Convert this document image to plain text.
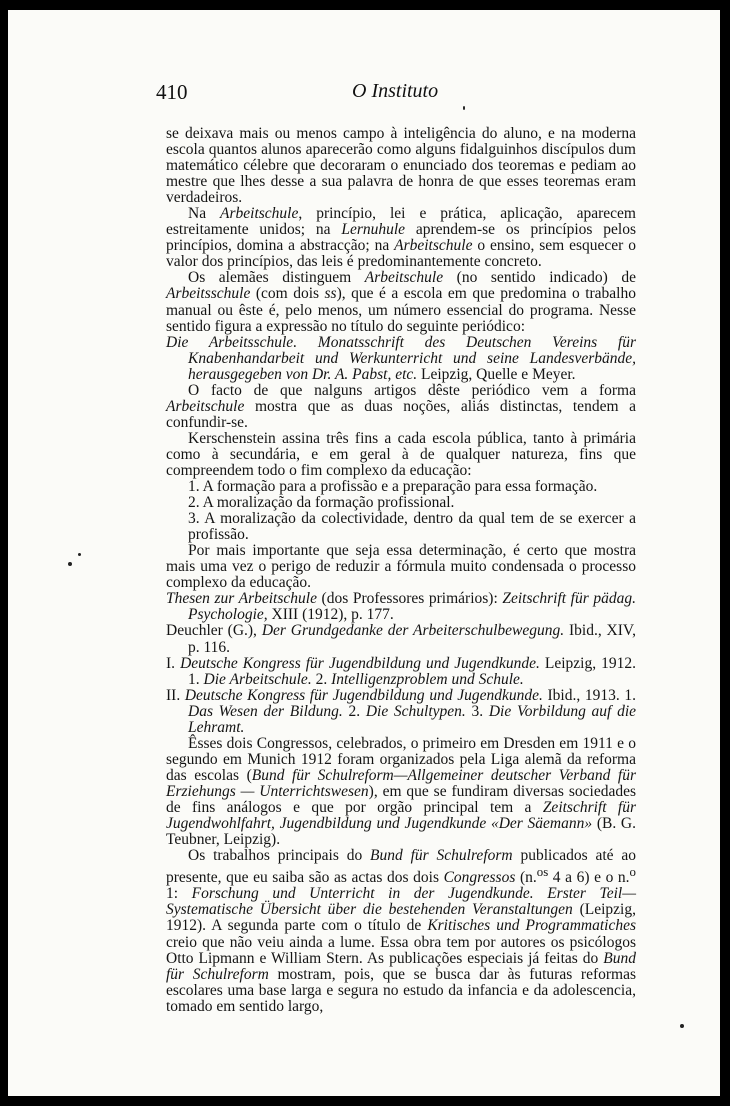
410	O Instituto

se deixava mais ou menos campo à inteligência do aluno, e na moderna escola quantos alunos aparecerão como alguns fidalguinhos discípulos dum matemático célebre que decoraram o enunciado dos teoremas e pediam ao mestre que lhes desse a sua palavra de honra de que esses teoremas eram verdadeiros.

Na Arbeitschule, princípio, lei e prática, aplicação, aparecem estreitamente unidos; na Lernuhule aprendem-se os princípios pelos princípios, domina a abstracção; na Arbeitschule o ensino, sem esquecer o valor dos princípios, das leis é predominantemente concreto.

Os alemães distinguem Arbeitschule (no sentido indicado) de Arbeitsschule (com dois ss), que é a escola em que predomina o trabalho manual ou êste é, pelo menos, um número essencial do programa. Nesse sentido figura a expressão no título do seguinte periódico:

Die Arbeitsschule. Monatsschrift des Deutschen Vereins für Knabenhandarbeit und Werkunterricht und seine Landesverbände, herausgegeben von Dr. A. Pabst, etc. Leipzig, Quelle e Meyer.

O facto de que nalguns artigos dêste periódico vem a forma Arbeitschule mostra que as duas noções, aliás distinctas, tendem a confundir-se.

Kerschenstein assina três fins a cada escola pública, tanto à primária como à secundária, e em geral à de qualquer natureza, fins que compreendem todo o fim complexo da educação:

1. A formação para a profissão e a preparação para essa formação.

2. A moralização da formação profissional.

3. A moralização da colectividade, dentro da qual tem de se exercer a profissão.

Por mais importante que seja essa determinação, é certo que mostra mais uma vez o perigo de reduzir a fórmula muito condensada o processo complexo da educação.

Thesen zur Arbeitschule (dos Professores primários): Zeitschrift für pädag. Psychologie, XIII (1912), p. 177.

Deuchler (G.), Der Grundgedanke der Arbeiterschulbewegung. Ibid., XIV, p. 116.

I. Deutsche Kongress für Jugendbildung und Jugendkunde. Leipzig, 1912. 1. Die Arbeitschule. 2. Intelligenzproblem und Schule.

II. Deutsche Kongress für Jugendbildung und Jugendkunde. Ibid., 1913. 1. Das Wesen der Bildung. 2. Die Schultypen. 3. Die Vorbildung auf die Lehramt.

Êsses dois Congressos, celebrados, o primeiro em Dresden em 1911 e o segundo em Munich 1912 foram organizados pela Liga alemã da reforma das escolas (Bund für Schulreform—Allgemeiner deutscher Verband für Erziehungs — Unterrichtswesen), em que se fundiram diversas sociedades de fins análogos e que por orgão principal tem a Zeitschrift für Jugendwohlfahrt, Jugendbildung und Jugendkunde «Der Säemann» (B. G. Teubner, Leipzig).

Os trabalhos principais do Bund für Schulreform publicados até ao presente, que eu saiba são as actas dos dois Congressos (n.$^{os}$ 4 a 6) e o n.$^o$ 1: Forschung und Unterricht in der Jugendkunde. Erster Teil— Systematische Übersicht über die bestehenden Veranstaltungen (Leipzig, 1912). A segunda parte com o título de Kritisches und Programmatiches creio que não veiu ainda a lume. Essa obra tem por autores os psicólogos Otto Lipmann e William Stern. As publicações especiais já feitas do Bund für Schulreform mostram, pois, que se busca dar às futuras reformas escolares uma base larga e segura no estudo da infancia e da adolescencia, tomado em sentido largo,
